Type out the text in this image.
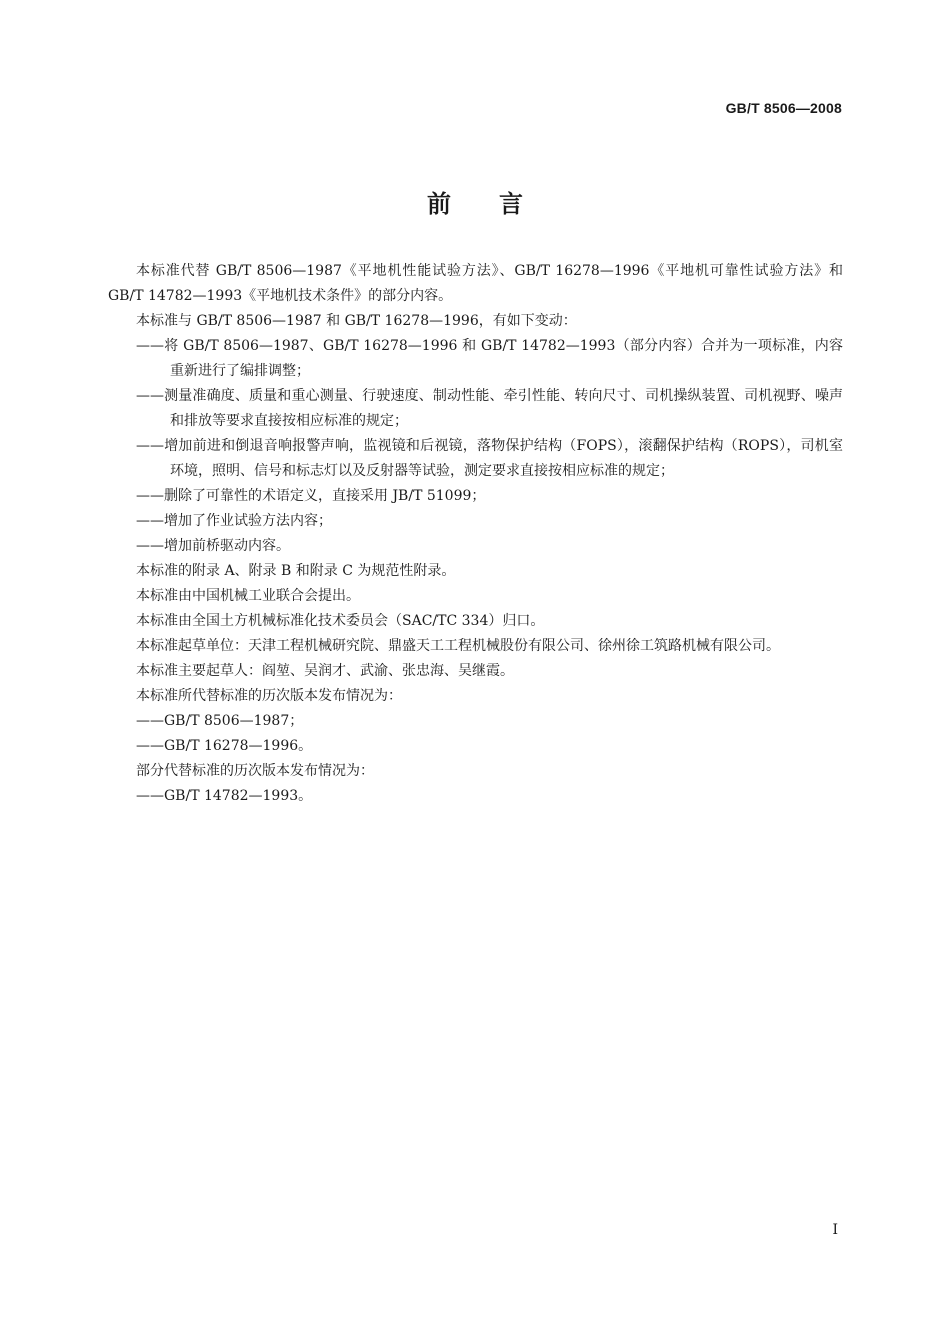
GB/T 8506—2008
前言

本标准代替 GB/T 8506—1987《平地机性能试验方法》、GB/T 16278—1996《平地机可靠性试验方法》和 GB/T 14782—1993《平地机技术条件》的部分内容。

本标准与 GB/T 8506—1987 和 GB/T 16278—1996，有如下变动：

——将 GB/T 8506—1987、GB/T 16278—1996 和 GB/T 14782—1993（部分内容）合并为一项标准，内容重新进行了编排调整；

——测量准确度、质量和重心测量、行驶速度、制动性能、牵引性能、转向尺寸、司机操纵装置、司机视野、噪声和排放等要求直接按相应标准的规定；

——增加前进和倒退音响报警声响，监视镜和后视镜，落物保护结构（FOPS），滚翻保护结构（ROPS），司机室环境，照明、信号和标志灯以及反射器等试验，测定要求直接按相应标准的规定；

——删除了可靠性的术语定义，直接采用 JB/T 51099；

——增加了作业试验方法内容；

——增加前桥驱动内容。

本标准的附录 A、附录 B 和附录 C 为规范性附录。

本标准由中国机械工业联合会提出。

本标准由全国土方机械标准化技术委员会（SAC/TC 334）归口。

本标准起草单位：天津工程机械研究院、鼎盛天工工程机械股份有限公司、徐州徐工筑路机械有限公司。

本标准主要起草人：阎堃、吴润才、武渝、张忠海、吴继霞。

本标准所代替标准的历次版本发布情况为：

——GB/T 8506—1987；

——GB/T 16278—1996。

部分代替标准的历次版本发布情况为：

——GB/T 14782—1993。

I
